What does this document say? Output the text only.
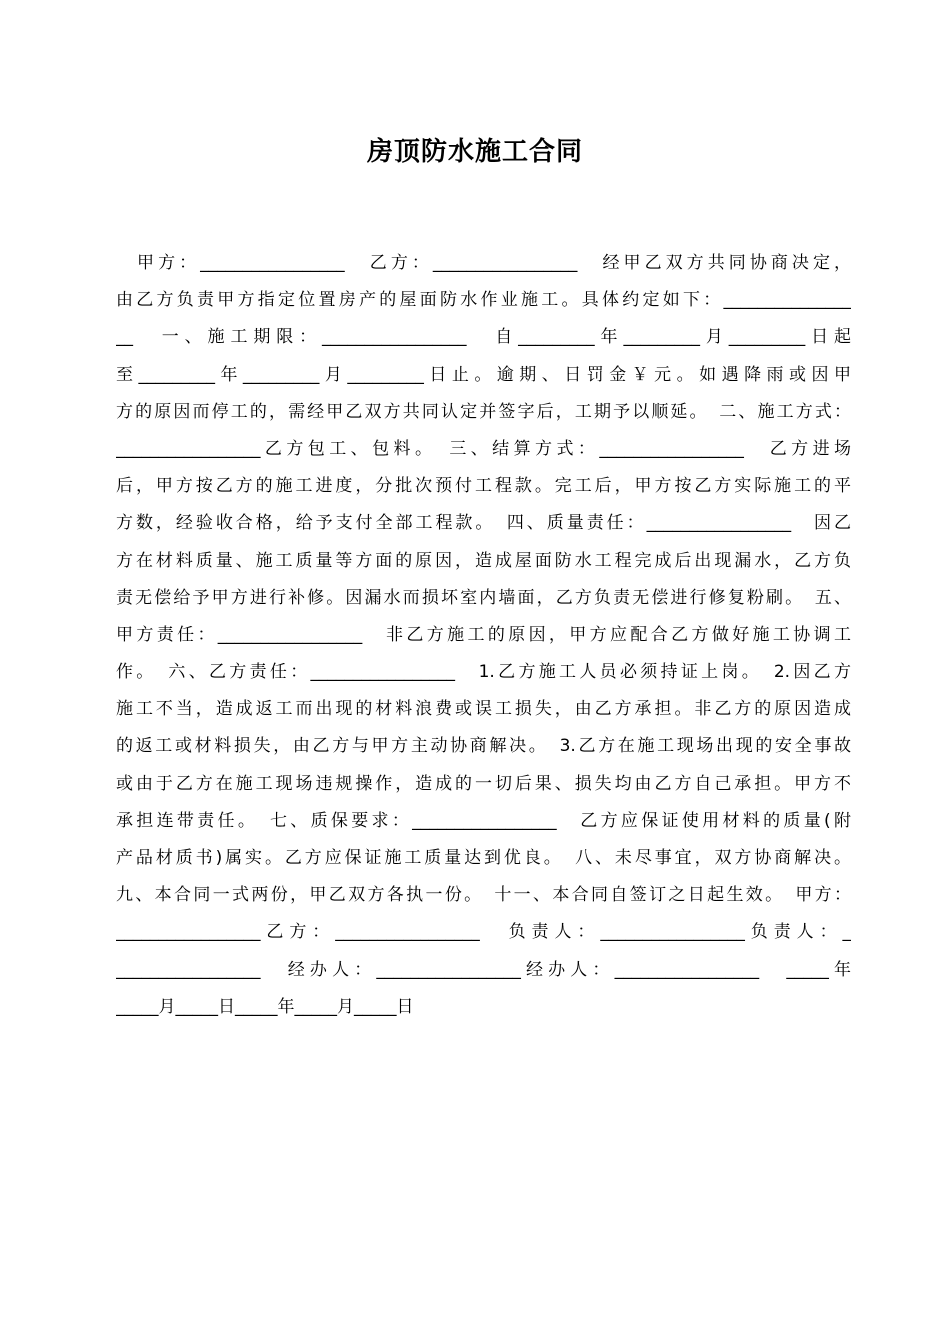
房顶防水施工合同
　甲方：_________________　乙方：_________________　经甲乙双方共同协商决定，
由乙方负责甲方指定位置房产的屋面防水作业施工。具体约定如下：_______________
__　一、施工期限：_________________　自_________年_________月_________日起
至_________年_________月_________日止。逾期、日罚金￥元。如遇降雨或因甲
方的原因而停工的，需经甲乙双方共同认定并签字后，工期予以顺延。　二、施工方式：
_________________乙方包工、包料。　三、结算方式：_________________　乙方进场
后，甲方按乙方的施工进度，分批次预付工程款。完工后，甲方按乙方实际施工的平
方数，经验收合格，给予支付全部工程款。　四、质量责任：_________________　因乙
方在材料质量、施工质量等方面的原因，造成屋面防水工程完成后出现漏水，乙方负
责无偿给予甲方进行补修。因漏水而损坏室内墙面，乙方负责无偿进行修复粉刷。　五、
甲方责任：_________________　非乙方施工的原因，甲方应配合乙方做好施工协调工
作。　六、乙方责任：_________________　1.乙方施工人员必须持证上岗。　2.因乙方
施工不当，造成返工而出现的材料浪费或误工损失，由乙方承担。非乙方的原因造成
的返工或材料损失，由乙方与甲方主动协商解决。　3.乙方在施工现场出现的安全事故
或由于乙方在施工现场违规操作，造成的一切后果、损失均由乙方自己承担。甲方不
承担连带责任。　七、质保要求：_________________　乙方应保证使用材料的质量(附
产品材质书)属实。乙方应保证施工质量达到优良。　八、未尽事宜，双方协商解决。
九、本合同一式两份，甲乙双方各执一份。　十一、本合同自签订之日起生效。　甲方：
_________________乙方：_________________　负责人：_________________负责人：_
_________________　经办人：_________________经办人：_________________　_____年
_____月_____日_____年_____月_____日
